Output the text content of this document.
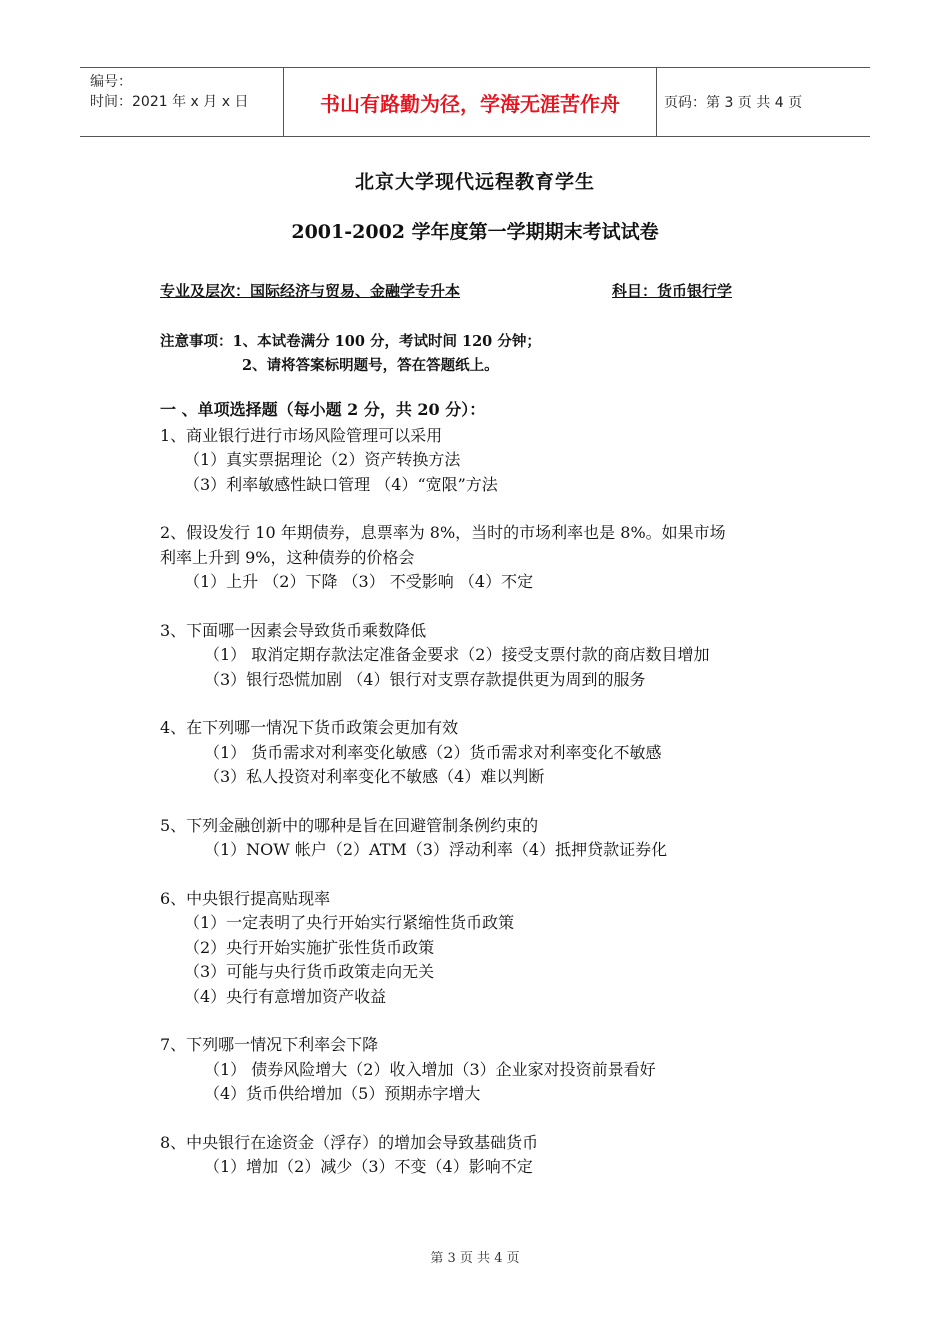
编号：
时间：2021 年 x 月 x 日	书山有路勤为径，学海无涯苦作舟	页码：第 3 页 共 4 页
北京大学现代远程教育学生
2001-2002 学年度第一学期期末考试试卷
专业及层次：国际经济与贸易、金融学专升本	科目：货币银行学
注意事项：1、本试卷满分 100 分，考试时间 120 分钟；
2、请将答案标明题号，答在答题纸上。
一 、单项选择题（每小题 2 分，共 20 分）：
1、商业银行进行市场风险管理可以采用
（1）真实票据理论（2）资产转换方法
（3）利率敏感性缺口管理 （4）“宽限”方法
2、假设发行 10 年期债券，息票率为 8%，当时的市场利率也是 8%。如果市场
利率上升到 9%，这种债券的价格会
（1）上升 （2）下降 （3） 不受影响 （4）不定
3、下面哪一因素会导致货币乘数降低
（1） 取消定期存款法定准备金要求（2）接受支票付款的商店数目增加
（3）银行恐慌加剧 （4）银行对支票存款提供更为周到的服务
4、在下列哪一情况下货币政策会更加有效
（1） 货币需求对利率变化敏感（2）货币需求对利率变化不敏感
（3）私人投资对利率变化不敏感（4）难以判断
5、下列金融创新中的哪种是旨在回避管制条例约束的
（1）NOW 帐户（2）ATM（3）浮动利率（4）抵押贷款证券化
6、中央银行提高贴现率
（1）一定表明了央行开始实行紧缩性货币政策
（2）央行开始实施扩张性货币政策
（3）可能与央行货币政策走向无关
（4）央行有意增加资产收益
7、下列哪一情况下利率会下降
（1） 债券风险增大（2）收入增加（3）企业家对投资前景看好
（4）货币供给增加（5）预期赤字增大
8、中央银行在途资金（浮存）的增加会导致基础货币
（1）增加（2）减少（3）不变（4）影响不定
第 3 页 共 4 页
